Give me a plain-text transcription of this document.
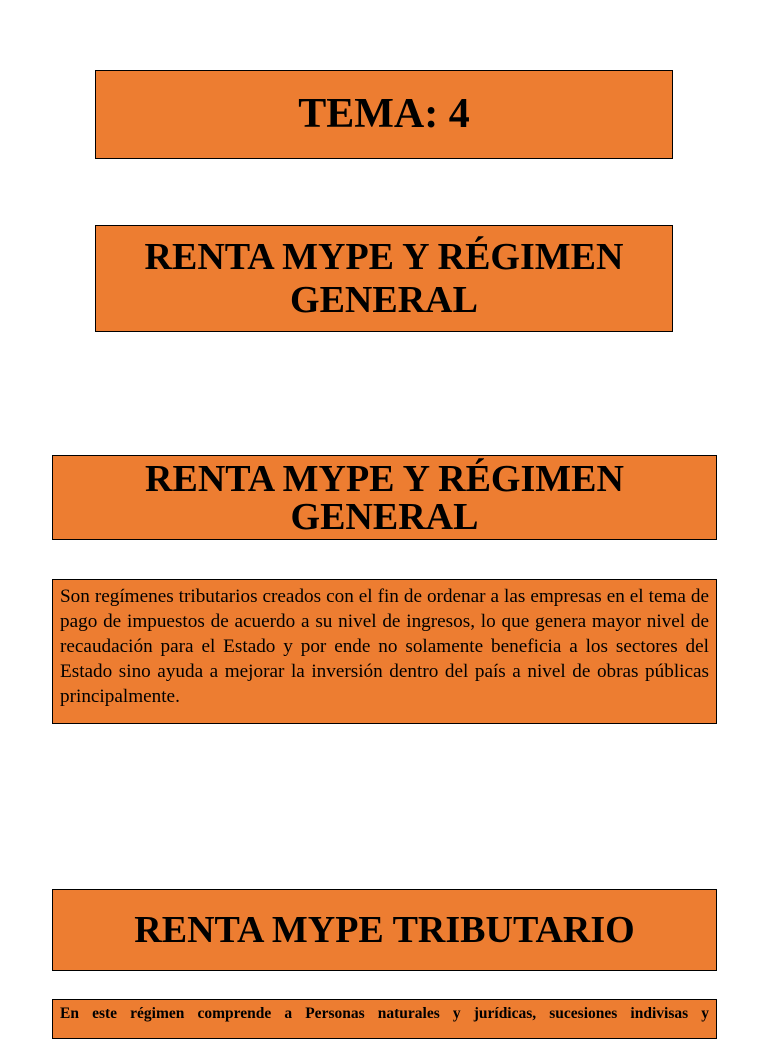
TEMA: 4
RENTA MYPE Y RÉGIMEN GENERAL
RENTA MYPE Y RÉGIMEN GENERAL
Son regímenes tributarios creados con el fin de ordenar a las empresas en el tema de pago de impuestos de acuerdo a su nivel de ingresos, lo que genera mayor nivel de recaudación para el Estado y por ende no solamente beneficia a los sectores del Estado sino ayuda a mejorar la inversión dentro del país a nivel de obras públicas principalmente.
RENTA MYPE TRIBUTARIO
En este régimen comprende a Personas naturales y jurídicas, sucesiones indivisas y
